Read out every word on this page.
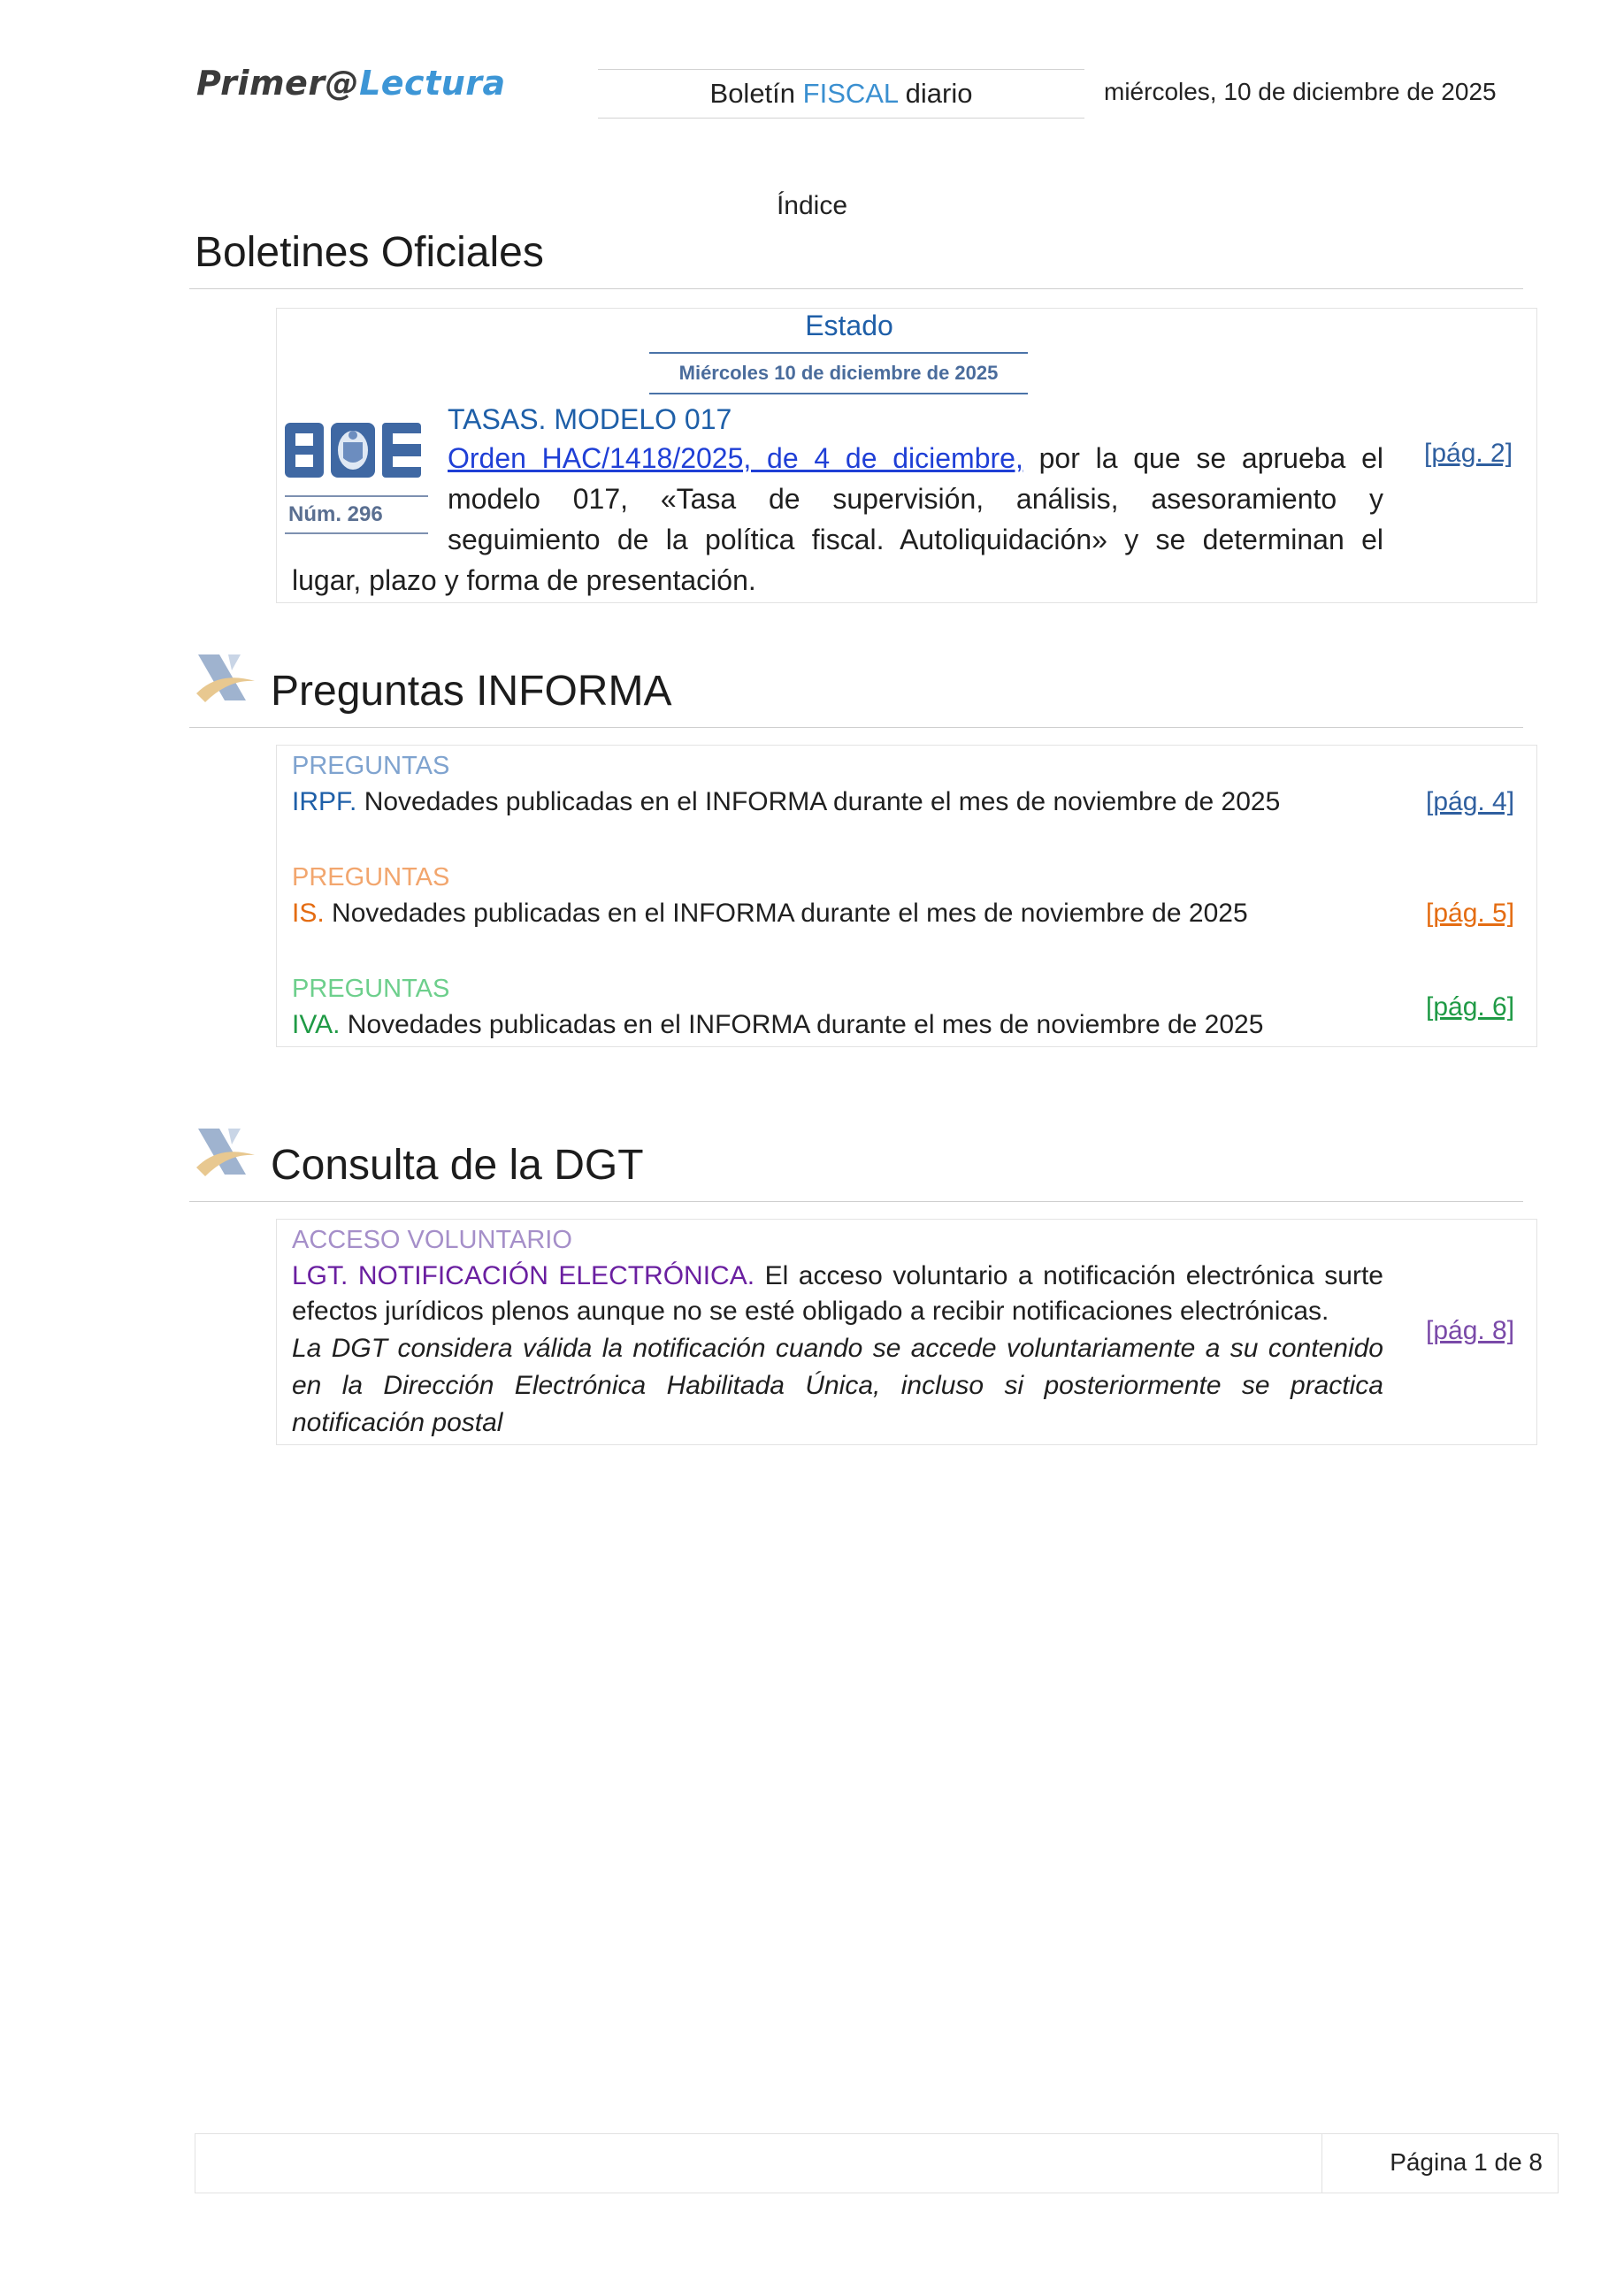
Primer@Lectura	Boletín FISCAL diario	miércoles, 10 de diciembre de 2025
Índice
Boletines Oficiales
Estado
Miércoles 10 de diciembre de 2025
Núm. 296
TASAS. MODELO 017
Orden HAC/1418/2025, de 4 de diciembre, por la que se aprueba el
modelo 017, «Tasa de supervisión, análisis, asesoramiento y
seguimiento de la política fiscal. Autoliquidación» y se determinan el
lugar, plazo y forma de presentación.
[pág. 2]
Preguntas INFORMA
PREGUNTAS
IRPF. Novedades publicadas en el INFORMA durante el mes de noviembre de 2025	[pág. 4]
PREGUNTAS
IS. Novedades publicadas en el INFORMA durante el mes de noviembre de 2025	[pág. 5]
PREGUNTAS
IVA. Novedades publicadas en el INFORMA durante el mes de noviembre de 2025
[pág. 6]
Consulta de la DGT
ACCESO VOLUNTARIO
LGT. NOTIFICACIÓN ELECTRÓNICA. El acceso voluntario a notificación electrónica surte
efectos jurídicos plenos aunque no se esté obligado a recibir notificaciones electrónicas.
La DGT considera válida la notificación cuando se accede voluntariamente a su contenido
en la Dirección Electrónica Habilitada Única, incluso si posteriormente se practica
notificación postal
[pág. 8]
Página 1 de 8
